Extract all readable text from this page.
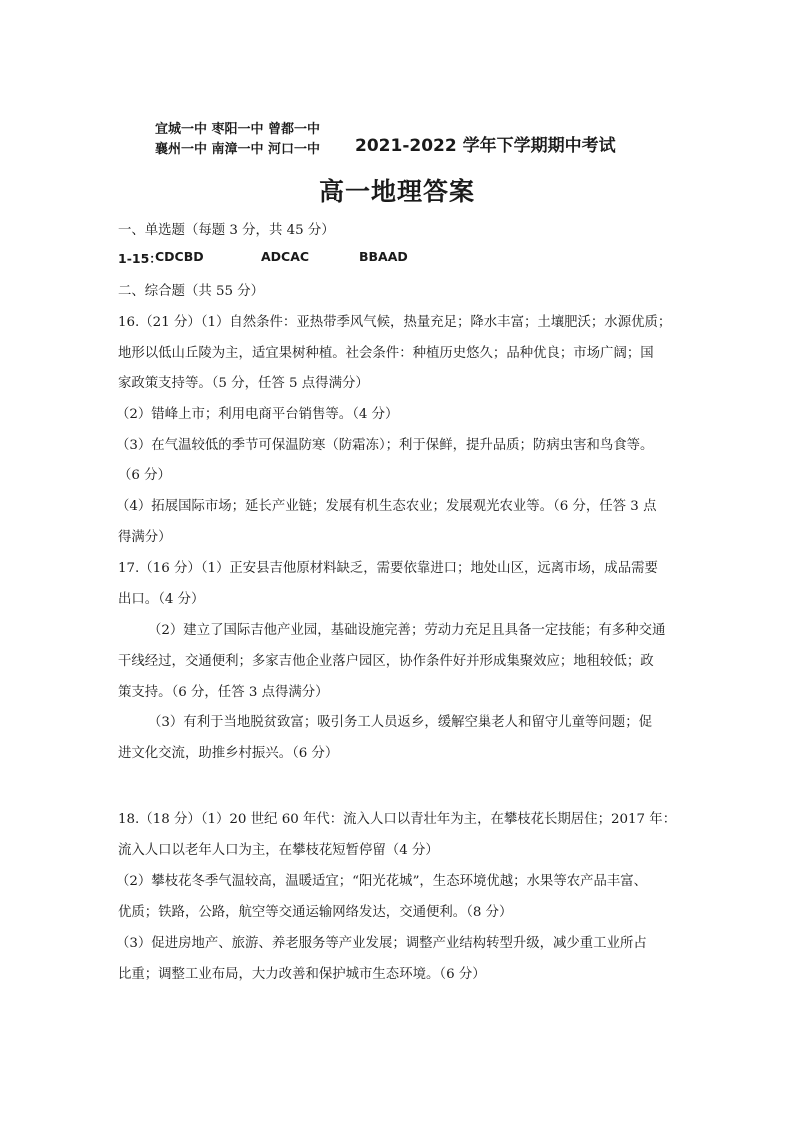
宜城一中 枣阳一中 曾都一中
襄州一中 南漳一中 河口一中 2021-2022 学年下学期期中考试
高一地理答案
一、单选题（每题 3 分，共 45 分）
1-15：
CDCBD	ADCAC	BBAAD
二、综合题（共 55 分）
16.（21 分）（1）自然条件：亚热带季风气候，热量充足；降水丰富；土壤肥沃；水源优质；
地形以低山丘陵为主，适宜果树种植。社会条件：种植历史悠久；品种优良；市场广阔；国
家政策支持等。（5 分，任答 5 点得满分）
（2）错峰上市；利用电商平台销售等。（4 分）
（3）在气温较低的季节可保温防寒（防霜冻）；利于保鲜，提升品质；防病虫害和鸟食等。
（6 分）
（4）拓展国际市场；延长产业链；发展有机生态农业；发展观光农业等。（6 分，任答 3 点
得满分）
17.（16 分）（1）正安县吉他原材料缺乏，需要依靠进口；地处山区，远离市场，成品需要
出口。（4 分）
（2）建立了国际吉他产业园，基础设施完善；劳动力充足且具备一定技能；有多种交通
干线经过，交通便利；多家吉他企业落户园区，协作条件好并形成集聚效应；地租较低；政
策支持。（6 分，任答 3 点得满分）
（3）有利于当地脱贫致富；吸引务工人员返乡，缓解空巢老人和留守儿童等问题；促
进文化交流，助推乡村振兴。（6 分）
18.（18 分）（1）20 世纪 60 年代：流入人口以青壮年为主，在攀枝花长期居住；2017 年：
流入人口以老年人口为主，在攀枝花短暂停留（4 分）
（2）攀枝花冬季气温较高，温暖适宜；“阳光花城”，生态环境优越；水果等农产品丰富、
优质；铁路，公路，航空等交通运输网络发达，交通便利。（8 分）
（3）促进房地产、旅游、养老服务等产业发展；调整产业结构转型升级，减少重工业所占
比重；调整工业布局，大力改善和保护城市生态环境。（6 分）
